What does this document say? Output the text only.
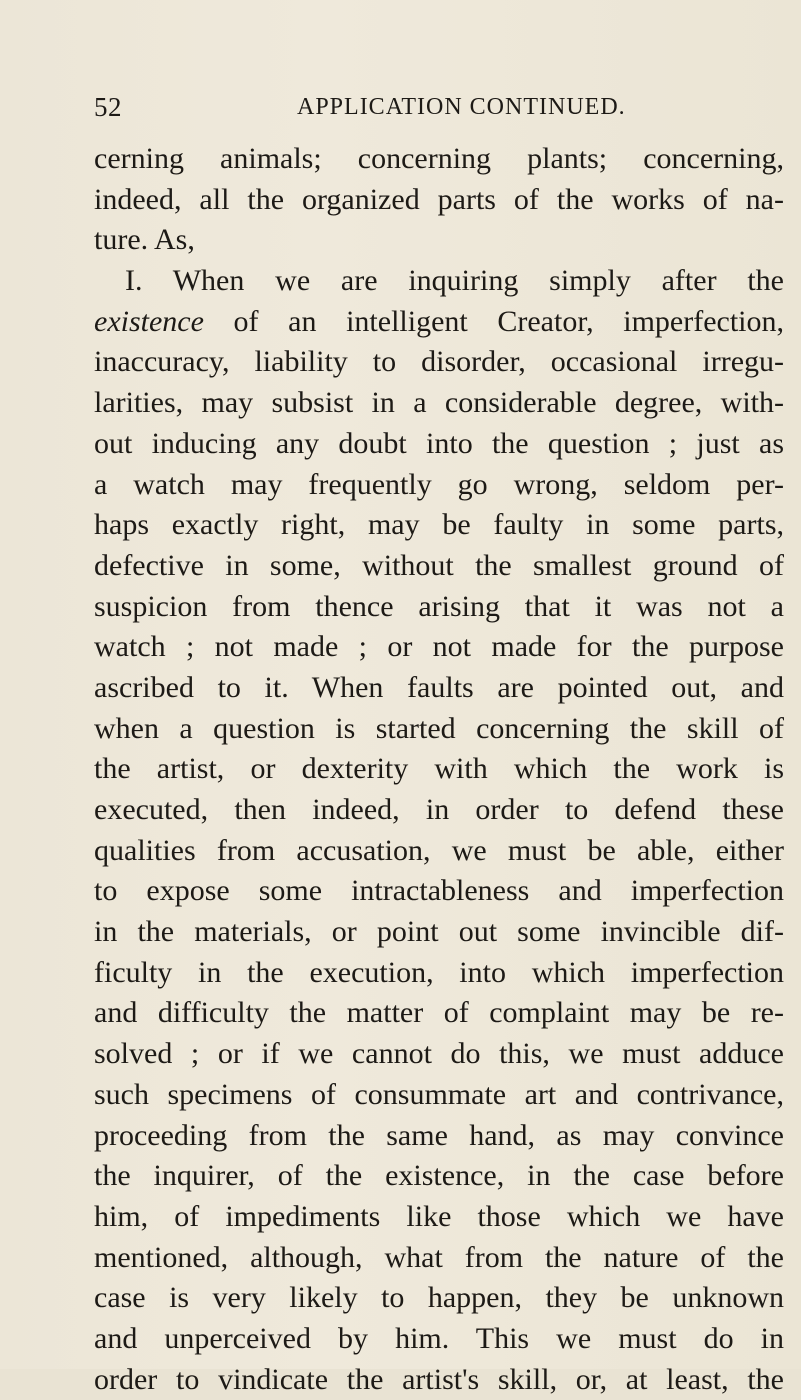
52	APPLICATION CONTINUED.
cerning animals; concerning plants; concerning,
indeed, all the organized parts of the works of na-
ture. As,
I. When we are inquiring simply after the
existence of an intelligent Creator, imperfection,
inaccuracy, liability to disorder, occasional irregu-
larities, may subsist in a considerable degree, with-
out inducing any doubt into the question ; just as
a watch may frequently go wrong, seldom per-
haps exactly right, may be faulty in some parts,
defective in some, without the smallest ground of
suspicion from thence arising that it was not a
watch ; not made ; or not made for the purpose
ascribed to it. When faults are pointed out, and
when a question is started concerning the skill of
the artist, or dexterity with which the work is
executed, then indeed, in order to defend these
qualities from accusation, we must be able, either
to expose some intractableness and imperfection
in the materials, or point out some invincible dif-
ficulty in the execution, into which imperfection
and difficulty the matter of complaint may be re-
solved ; or if we cannot do this, we must adduce
such specimens of consummate art and contrivance,
proceeding from the same hand, as may convince
the inquirer, of the existence, in the case before
him, of impediments like those which we have
mentioned, although, what from the nature of the
case is very likely to happen, they be unknown
and unperceived by him. This we must do in
order to vindicate the artist's skill, or, at least, the
